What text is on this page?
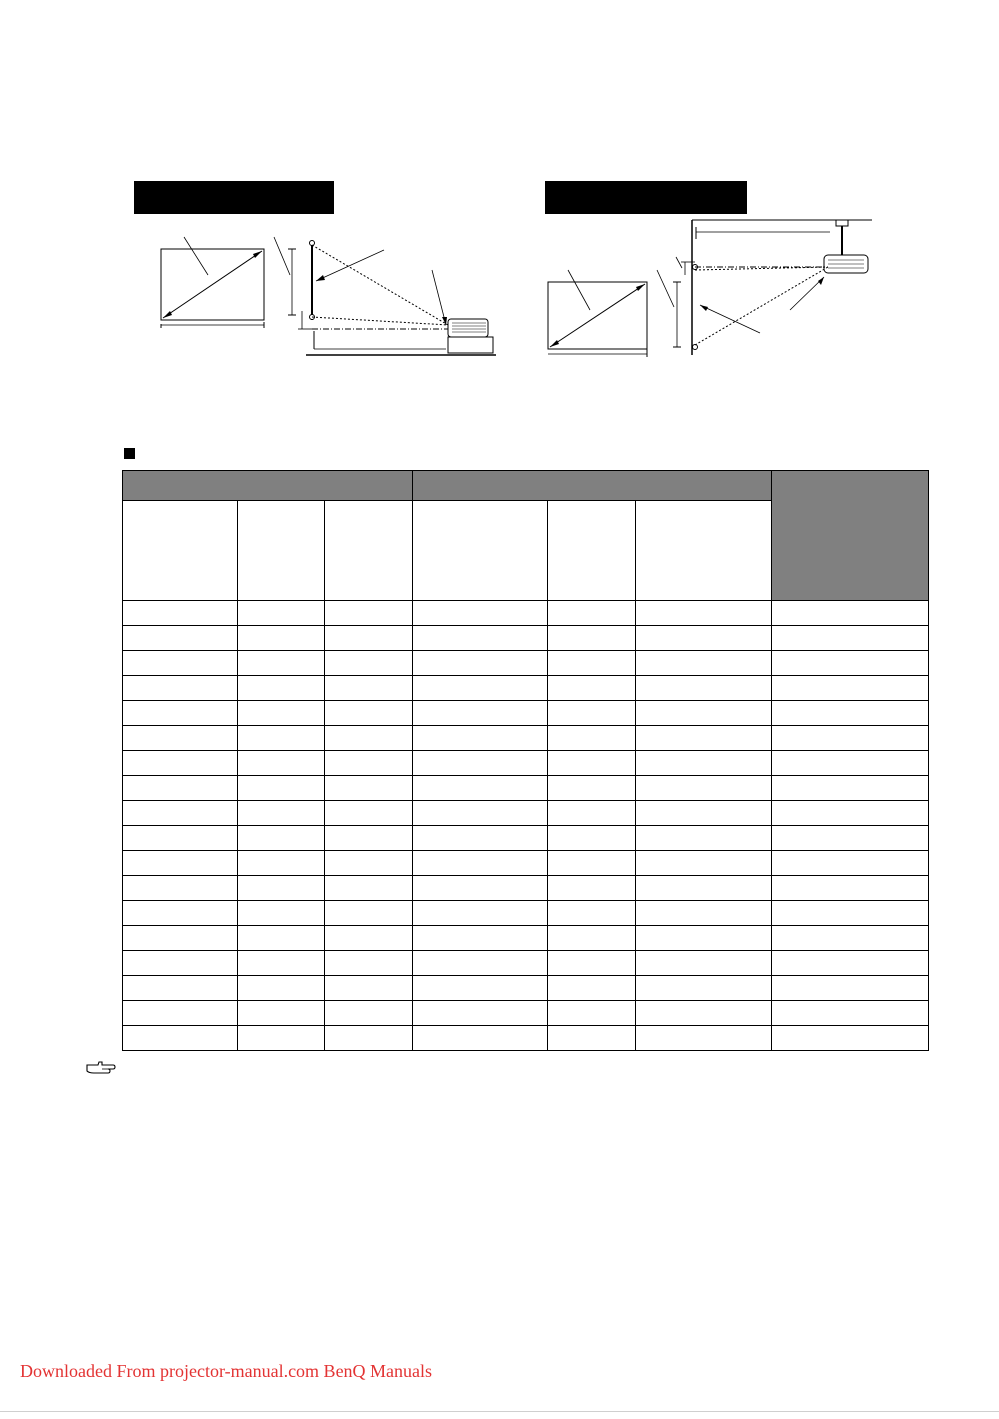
Downloaded From projector-manual.com BenQ Manuals
